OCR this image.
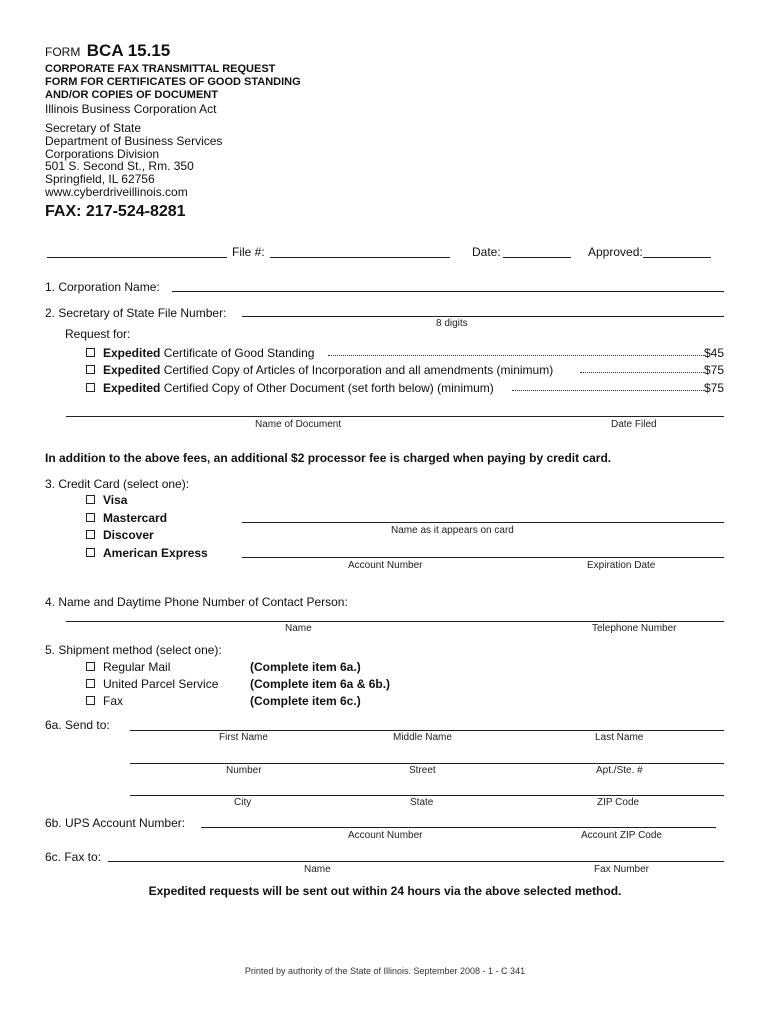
FORM BCA 15.15
CORPORATE FAX TRANSMITTAL REQUEST
FORM FOR CERTIFICATES OF GOOD STANDING
AND/OR COPIES OF DOCUMENT
Illinois Business Corporation Act
Secretary of State
Department of Business Services
Corporations Division
501 S. Second St., Rm. 350
Springfield, IL 62756
www.cyberdriveillinois.com
FAX: 217-524-8281
File #:	Date:	Approved:
1. Corporation Name:
2. Secretary of State File Number:
8 digits
Request for:
Expedited Certificate of Good Standing	$45
Expedited Certified Copy of Articles of Incorporation and all amendments (minimum)	$75
Expedited Certified Copy of Other Document (set forth below) (minimum)	$75
Name of Document	Date Filed
In addition to the above fees, an additional $2 processor fee is charged when paying by credit card.
3. Credit Card (select one):
Visa
Mastercard
Discover
American Express
Name as it appears on card
Account Number	Expiration Date
4. Name and Daytime Phone Number of Contact Person:
Name	Telephone Number
5. Shipment method (select one):
Regular Mail	(Complete item 6a.)
United Parcel Service	(Complete item 6a & 6b.)
Fax	(Complete item 6c.)
6a. Send to:
First Name	Middle Name	Last Name
Number	Street	Apt./Ste. #
City	State	ZIP Code
6b. UPS Account Number:
Account Number	Account ZIP Code
6c. Fax to:
Name	Fax Number
Expedited requests will be sent out within 24 hours via the above selected method.
Printed by authority of the State of Illinois. September 2008 - 1 - C 341
